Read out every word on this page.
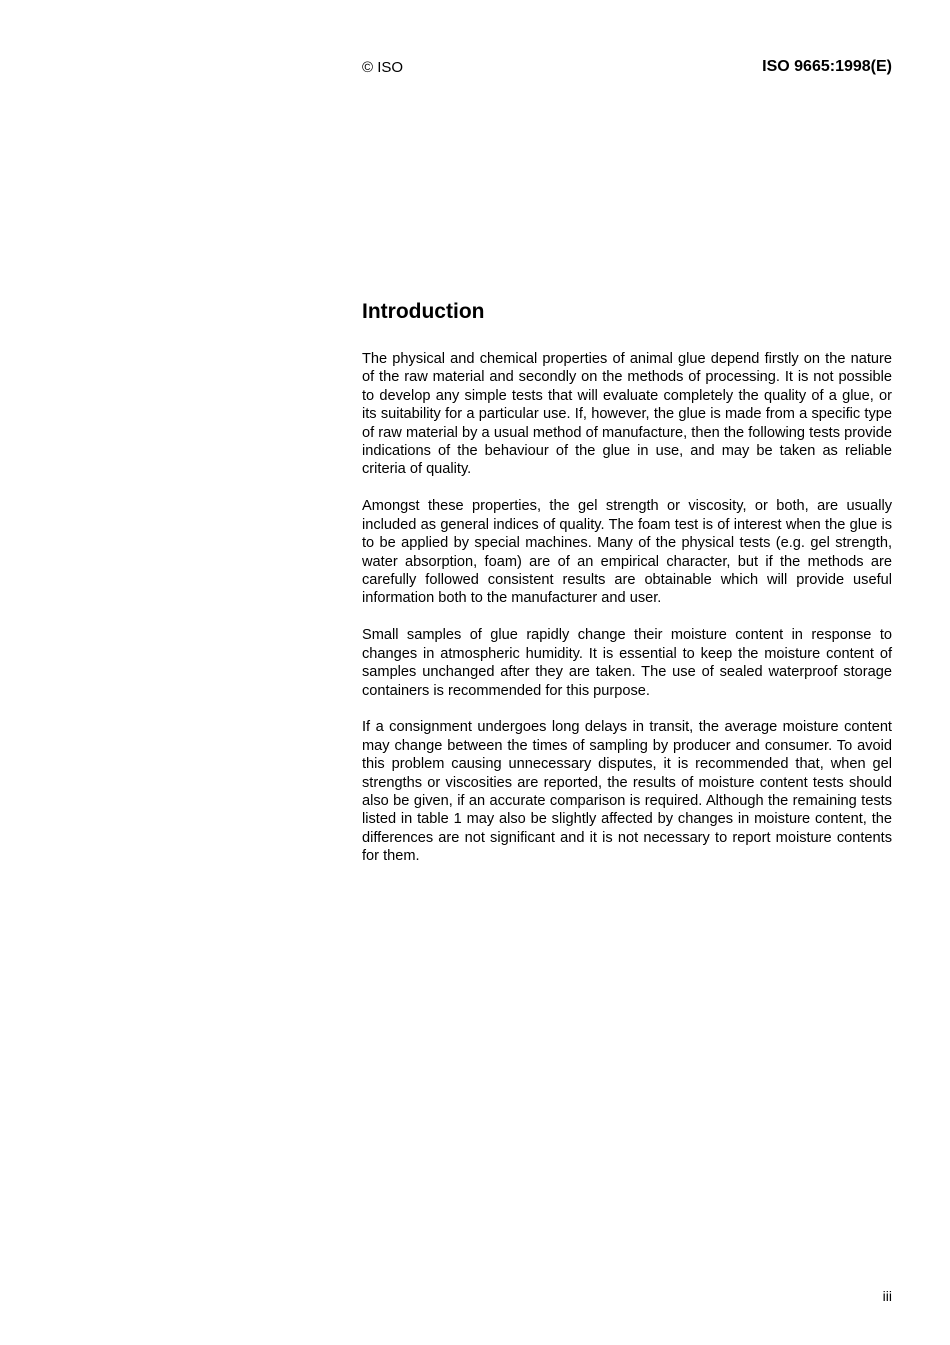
© ISO	ISO 9665:1998(E)
Introduction

The physical and chemical properties of animal glue depend firstly on the nature of the raw material and secondly on the methods of processing. It is not possible to develop any simple tests that will evaluate completely the quality of a glue, or its suitability for a particular use. If, however, the glue is made from a specific type of raw material by a usual method of manufacture, then the following tests provide indications of the behaviour of the glue in use, and may be taken as reliable criteria of quality.

Amongst these properties, the gel strength or viscosity, or both, are usually included as general indices of quality. The foam test is of interest when the glue is to be applied by special machines. Many of the physical tests (e.g. gel strength, water absorption, foam) are of an empirical character, but if the methods are carefully followed consistent results are obtainable which will provide useful information both to the manufacturer and user.

Small samples of glue rapidly change their moisture content in response to changes in atmospheric humidity. It is essential to keep the moisture content of samples unchanged after they are taken. The use of sealed waterproof storage containers is recommended for this purpose.

If a consignment undergoes long delays in transit, the average moisture content may change between the times of sampling by producer and consumer. To avoid this problem causing unnecessary disputes, it is recommended that, when gel strengths or viscosities are reported, the results of moisture content tests should also be given, if an accurate comparison is required. Although the remaining tests listed in table 1 may also be slightly affected by changes in moisture content, the differences are not significant and it is not necessary to report moisture contents for them.

iii
